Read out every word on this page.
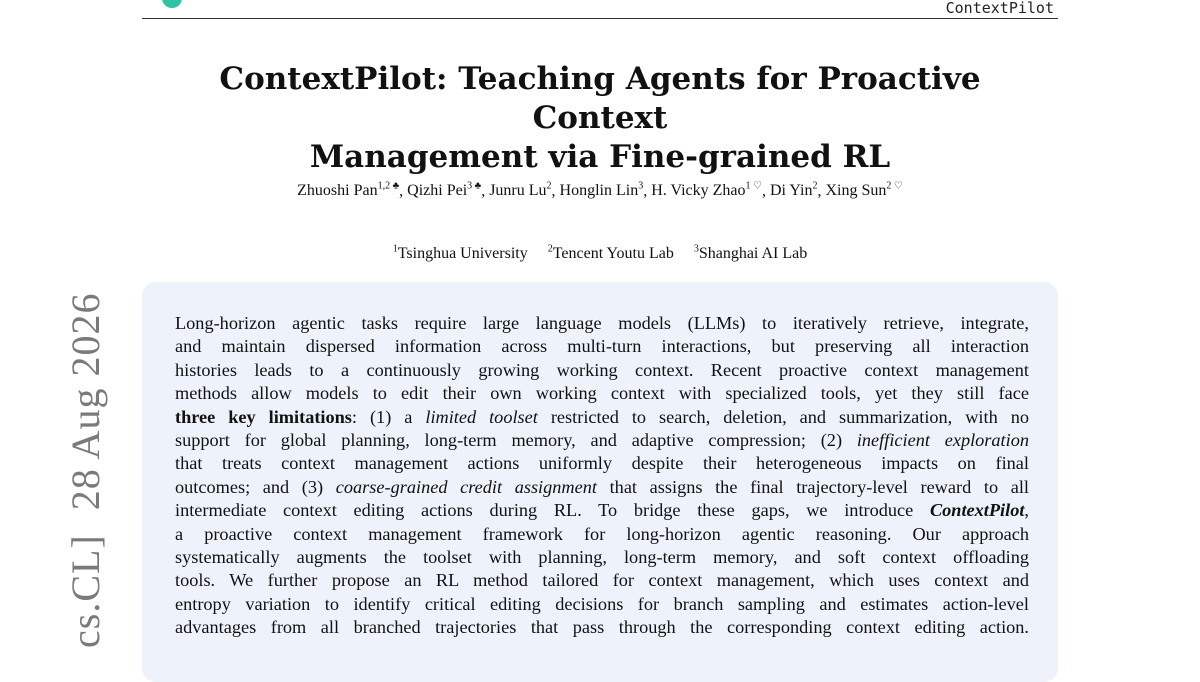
ContextPilot
ContextPilot: Teaching Agents for Proactive Context
Management via Fine-grained RL
Zhuoshi Pan$^{1,2 ♣}$, Qizhi Pei$^{3 ♣}$, Junru Lu$^2$, Honglin Lin$^3$, H. Vicky Zhao$^{1 ♡}$, Di Yin$^2$, Xing Sun$^{2 ♡}$
$^1$Tsinghua University $^2$Tencent Youtu Lab $^3$Shanghai AI Lab

Long-horizon agentic tasks require large language models (LLMs) to iteratively retrieve, integrate,
and maintain dispersed information across multi-turn interactions, but preserving all interaction
histories leads to a continuously growing working context. Recent proactive context management
methods allow models to edit their own working context with specialized tools, yet they still face
three key limitations: (1) a limited toolset restricted to search, deletion, and summarization, with no
support for global planning, long-term memory, and adaptive compression; (2) inefficient exploration
that treats context management actions uniformly despite their heterogeneous impacts on final
outcomes; and (3) coarse-grained credit assignment that assigns the final trajectory-level reward to all
intermediate context editing actions during RL. To bridge these gaps, we introduce ContextPilot,
a proactive context management framework for long-horizon agentic reasoning. Our approach
systematically augments the toolset with planning, long-term memory, and soft context offloading
tools. We further propose an RL method tailored for context management, which uses context and
entropy variation to identify critical editing decisions for branch sampling and estimates action-level
advantages from all branched trajectories that pass through the corresponding context editing action.

cs.CL]28 Aug 2026
